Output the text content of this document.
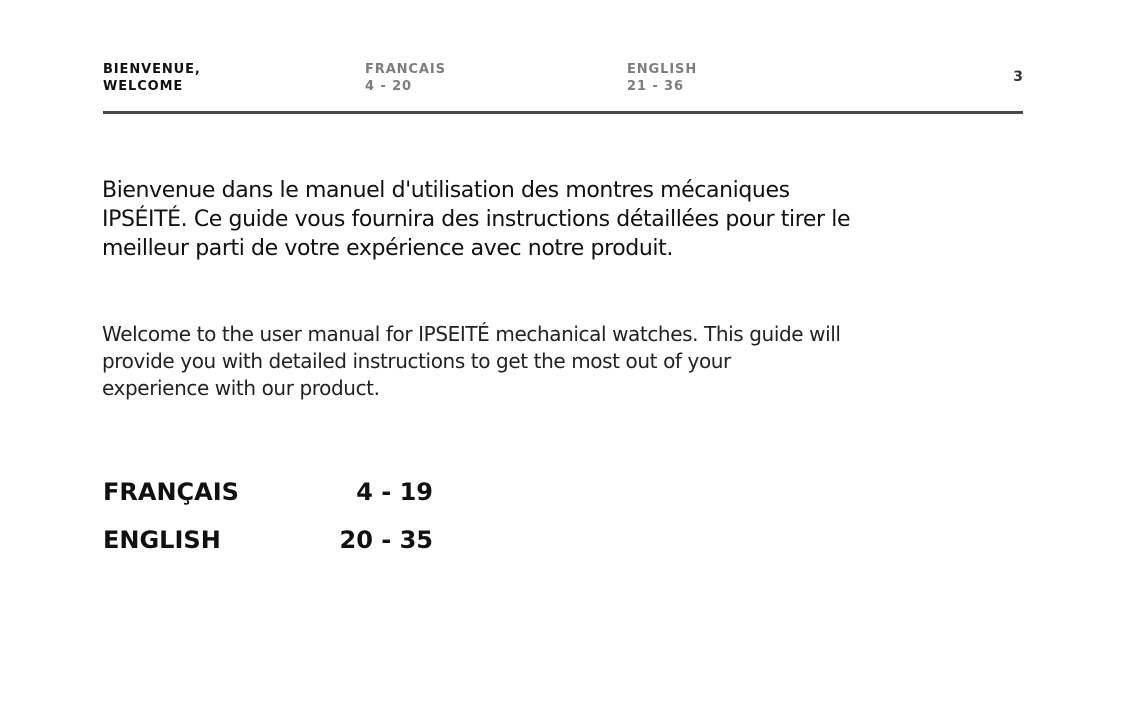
BIENVENUE,
WELCOME
FRANCAIS
4 - 20
ENGLISH
21 - 36
3

Bienvenue dans le manuel d'utilisation des montres mécaniques IPSÉITÉ. Ce guide vous fournira des instructions détaillées pour tirer le meilleur parti de votre expérience avec notre produit.

Welcome to the user manual for IPSEITÉ mechanical watches. This guide will provide you with detailed instructions to get the most out of your experience with our product.

FRANÇAIS	4 - 19
ENGLISH	20 - 35
